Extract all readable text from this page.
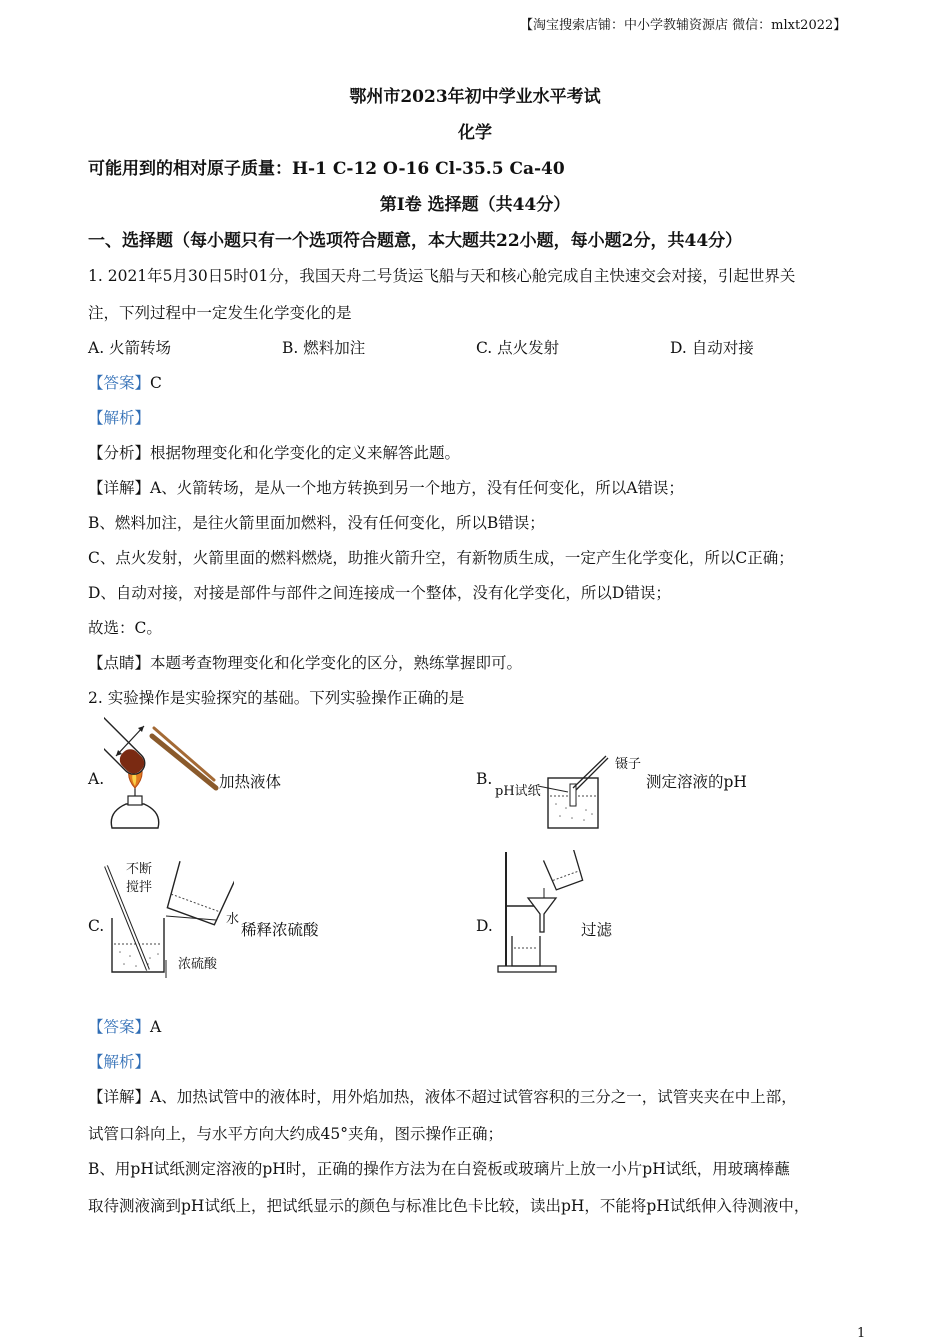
【淘宝搜索店铺：中小学教辅资源店 微信：mlxt2022】
鄂州市2023年初中学业水平考试
化学
可能用到的相对原子质量：H-1 C-12 O-16 Cl-35.5 Ca-40
第Ⅰ卷 选择题（共44分）
一、选择题（每小题只有一个选项符合题意，本大题共22小题，每小题2分，共44分）
1. 2021年5月30日5时01分，我国天舟二号货运飞船与天和核心舱完成自主快速交会对接，引起世界关
注，下列过程中一定发生化学变化的是
A. 火箭转场	B. 燃料加注	C. 点火发射	D. 自动对接
【答案】C
【解析】
【分析】根据物理变化和化学变化的定义来解答此题。
【详解】A、火箭转场，是从一个地方转换到另一个地方，没有任何变化，所以A错误；
B、燃料加注，是往火箭里面加燃料，没有任何变化，所以B错误；
C、点火发射，火箭里面的燃料燃烧，助推火箭升空，有新物质生成，一定产生化学变化，所以C正确；
D、自动对接，对接是部件与部件之间连接成一个整体，没有化学变化，所以D错误；
故选：C。
【点睛】本题考查物理变化和化学变化的区分，熟练掌握即可。
2. 实验操作是实验探究的基础。下列实验操作正确的是
A.	加热液体	B.
镊子
pH试纸
测定溶液的pH
C.
不断
搅拌
水
浓硫酸
稀释浓硫酸	D.	过滤
【答案】A
【解析】
【详解】A、加热试管中的液体时，用外焰加热，液体不超过试管容积的三分之一，试管夹夹在中上部，
试管口斜向上，与水平方向大约成45°夹角，图示操作正确；
B、用pH试纸测定溶液的pH时，正确的操作方法为在白瓷板或玻璃片上放一小片pH试纸，用玻璃棒蘸
取待测液滴到pH试纸上，把试纸显示的颜色与标准比色卡比较，读出pH，不能将pH试纸伸入待测液中，
1
